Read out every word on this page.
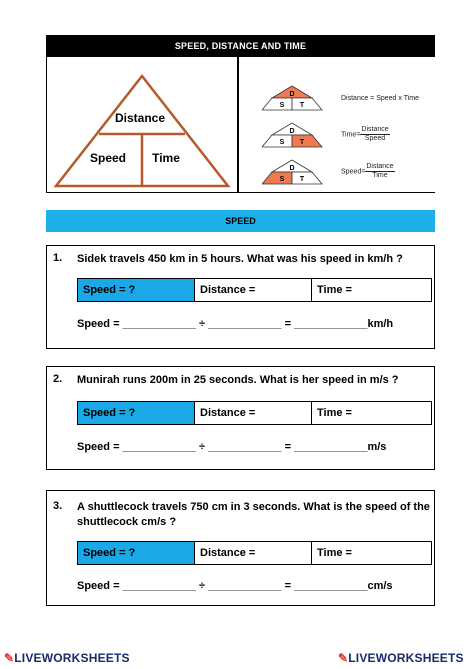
SPEED, DISTANCE AND TIME
Distance
Speed Time
D
S T
D
S T
D
S T
Distance = Speed x Time
Time= $\frac{\text{Distance}}{\text{Speed}}$
Speed= $\frac{\text{Distance}}{\text{Time}}$
SPEED
1. Sidek travels 450 km in 5 hours. What was his speed in km/h ?
Speed = ?	Distance =	Time =
Speed = ____________ ÷ ____________ = ____________km/h
2. Munirah runs 200m in 25 seconds. What is her speed in m/s ?
Speed = ?	Distance =	Time =
Speed = ____________ ÷ ____________ = ____________m/s
3. A shuttlecock travels 750 cm in 3 seconds. What is the speed of the shuttlecock cm/s ?
Speed = ?	Distance =	Time =
Speed = ____________ ÷ ____________ = ____________cm/s
✎LIVEWORKSHEETS	✎LIVEWORKSHEETS
